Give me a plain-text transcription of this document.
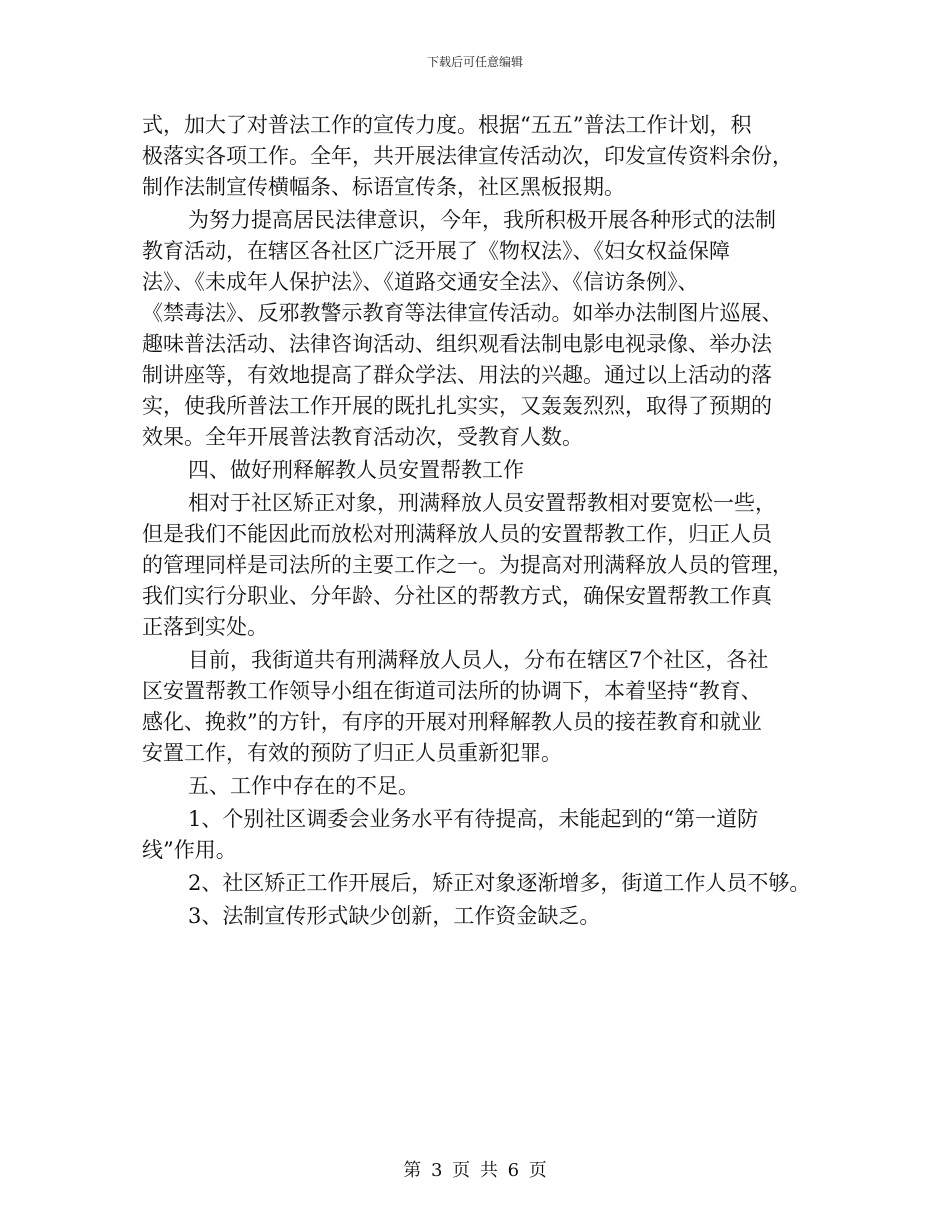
下载后可任意编辑

式，加大了对普法工作的宣传力度。根据“五五”普法工作计划，积

极落实各项工作。全年，共开展法律宣传活动次，印发宣传资料余份，

制作法制宣传横幅条、标语宣传条，社区黑板报期。

为努力提高居民法律意识，今年，我所积极开展各种形式的法制

教育活动，在辖区各社区广泛开展了《物权法》、《妇女权益保障

法》、《未成年人保护法》、《道路交通安全法》、《信访条例》、

《禁毒法》、反邪教警示教育等法律宣传活动。如举办法制图片巡展、

趣味普法活动、法律咨询活动、组织观看法制电影电视录像、举办法

制讲座等，有效地提高了群众学法、用法的兴趣。通过以上活动的落

实，使我所普法工作开展的既扎扎实实，又轰轰烈烈，取得了预期的

效果。全年开展普法教育活动次，受教育人数。

四、做好刑释解教人员安置帮教工作

相对于社区矫正对象，刑满释放人员安置帮教相对要宽松一些，

但是我们不能因此而放松对刑满释放人员的安置帮教工作，归正人员

的管理同样是司法所的主要工作之一。为提高对刑满释放人员的管理，

我们实行分职业、分年龄、分社区的帮教方式，确保安置帮教工作真

正落到实处。

目前，我街道共有刑满释放人员人，分布在辖区7个社区，各社

区安置帮教工作领导小组在街道司法所的协调下，本着坚持“教育、

感化、挽救”的方针，有序的开展对刑释解教人员的接茬教育和就业

安置工作，有效的预防了归正人员重新犯罪。

五、工作中存在的不足。

1、个别社区调委会业务水平有待提高，未能起到的“第一道防

线”作用。

2、社区矫正工作开展后，矫正对象逐渐增多，街道工作人员不够。

3、法制宣传形式缺少创新，工作资金缺乏。

第 3 页 共 6 页
